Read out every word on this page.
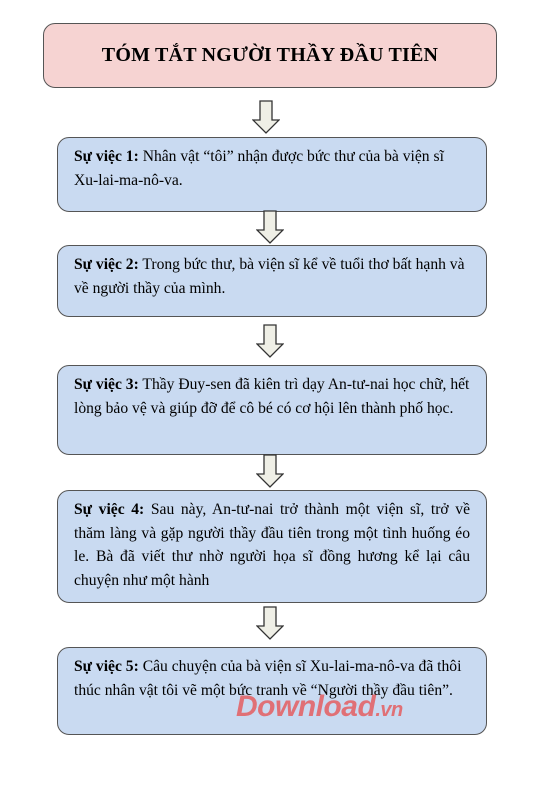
TÓM TẮT NGƯỜI THẦY ĐẦU TIÊN
Sự việc 1: Nhân vật “tôi” nhận được bức thư của bà viện sĩ Xu-lai-ma-nô-va.
Sự việc 2: Trong bức thư, bà viện sĩ kể về tuổi thơ bất hạnh và về người thầy của mình.
Sự việc 3: Thầy Đuy-sen đã kiên trì dạy An-tư-nai học chữ, hết lòng bảo vệ và giúp đỡ để cô bé có cơ hội lên thành phố học.
Sự việc 4: Sau này, An-tư-nai trở thành một viện sĩ, trở về thăm làng và gặp người thầy đầu tiên trong một tình huống éo le. Bà đã viết thư nhờ người họa sĩ đồng hương kể lại câu chuyện như một hành
Sự việc 5: Câu chuyện của bà viện sĩ Xu-lai-ma-nô-va đã thôi thúc nhân vật tôi vẽ một bức tranh về “Người thầy đầu tiên”.
Download.vn
